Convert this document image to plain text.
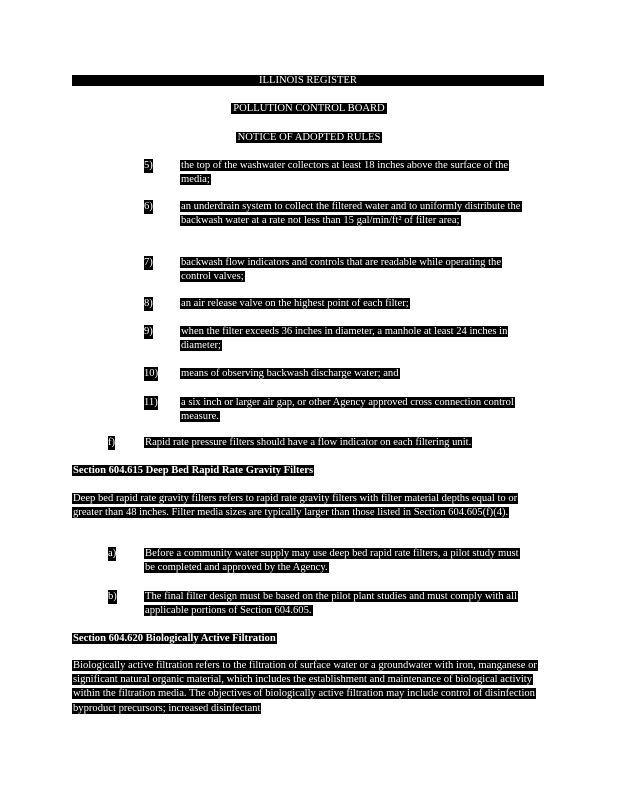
ILLINOIS REGISTER
POLLUTION CONTROL BOARD
NOTICE OF ADOPTED RULES
5)	the top of the washwater collectors at least 18 inches above the surface of the media;
6)	an underdrain system to collect the filtered water and to uniformly distribute the backwash water at a rate not less than 15 gal/min/ft² of filter area;
7)	backwash flow indicators and controls that are readable while operating the control valves;
8)	an air release valve on the highest point of each filter;
9)	when the filter exceeds 36 inches in diameter, a manhole at least 24 inches in diameter;
10) means of observing backwash discharge water; and
11) a six inch or larger air gap, or other Agency approved cross connection control measure.
f)	Rapid rate pressure filters should have a flow indicator on each filtering unit.
Section 604.615 Deep Bed Rapid Rate Gravity Filters
Deep bed rapid rate gravity filters refers to rapid rate gravity filters with filter material depths equal to or greater than 48 inches. Filter media sizes are typically larger than those listed in Section 604.605(f)(4).
a)	Before a community water supply may use deep bed rapid rate filters, a pilot study must be completed and approved by the Agency.
b)	The final filter design must be based on the pilot plant studies and must comply with all applicable portions of Section 604.605.
Section 604.620 Biologically Active Filtration
Biologically active filtration refers to the filtration of surface water or a groundwater with iron, manganese or significant natural organic material, which includes the establishment and maintenance of biological activity within the filtration media. The objectives of biologically active filtration may include control of disinfection byproduct precursors; increased disinfectant
